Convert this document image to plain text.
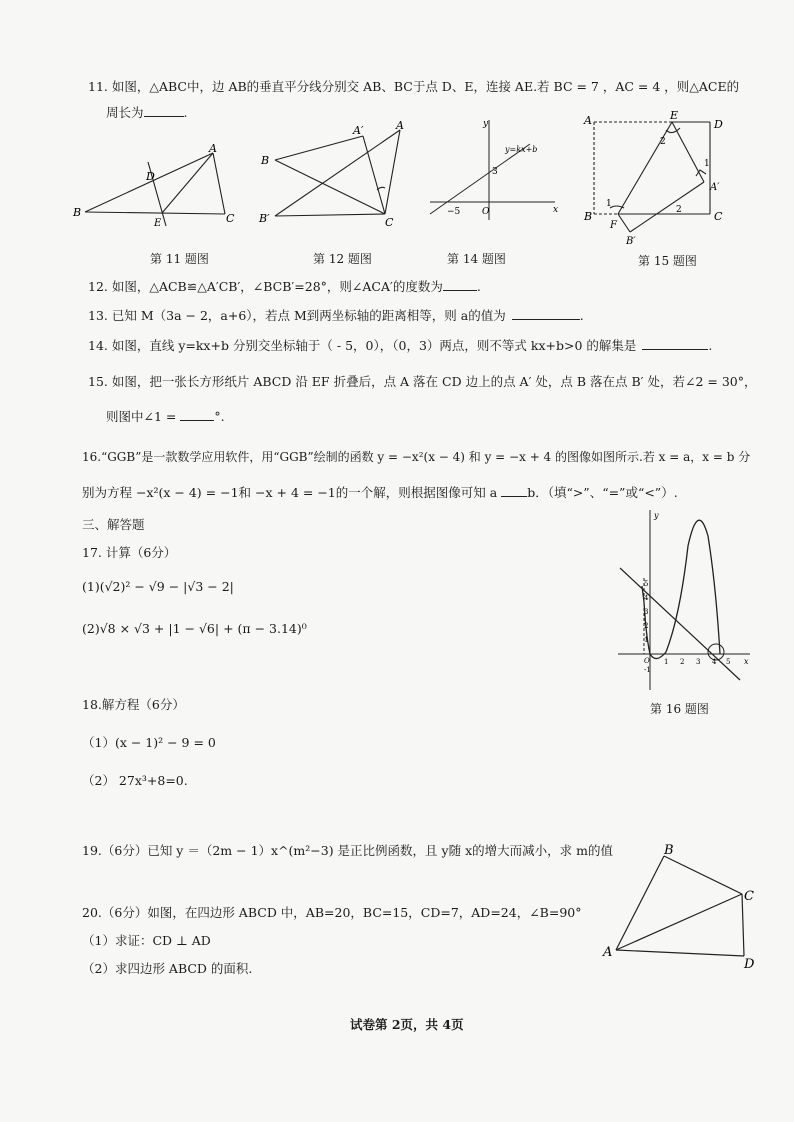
11. 如图，△ABC中，边 AB的垂直平分线分别交 AB、BC于点 D、E，连接 AE.若 BC = 7 ，AC = 4 ，则△ACE的
周长为	.
A
B	C
D
E
A′	A
B
B′	C
y
x
y=kx+b
3
−5 O
A	E
D
A′
B
F
C
B′
1
2
1
2
第 11 题图	第 12 题图	第 14 题图	第 15 题图
12. 如图，△ACB≌△A′CB′，∠BCB′=28°，则∠ACA′的度数为	.
13. 已知 M（3a − 2，a+6），若点 M到两坐标轴的距离相等，则 a的值为	.
14. 如图，直线 y=kx+b 分别交坐标轴于（ - 5，0），（0，3）两点，则不等式 kx+b>0 的解集是	.
15. 如图，把一张长方形纸片 ABCD 沿 EF 折叠后，点 A 落在 CD 边上的点 A′ 处，点 B 落在点 B′ 处，若∠2 = 30°，
则图中∠1 =	°.
16.“GGB”是一款数学应用软件，用“GGB”绘制的函数 y = −x²(x − 4) 和 y = −x + 4 的图像如图所示.若 x = a，x = b 分
别为方程 −x²(x − 4) = −1和 −x + 4 = −1的一个解，则根据图像可知 a b．（填“>”、“=”或“<”）.
三、解答题
17. 计算（6分）
(1)(√2)² − √9 − |√3 − 2|
(2)√8 × √3 + |1 − √6| + (π − 3.14)⁰
y
x
5
4
3
2
1
O
-1
1 2 3 4 5
第 16 题图
18.解方程（6分）
（1）(x − 1)² − 9 = 0
（2） 27x³+8=0.
19.（6分）已知 y ＝（2m − 1）x^(m²−3) 是正比例函数，且 y随 x的增大而减小，求 m的值
20.（6分）如图，在四边形 ABCD 中，AB=20，BC=15，CD=7，AD=24，∠B=90°
（1）求证：CD ⊥ AD
（2）求四边形 ABCD 的面积.
A
B
C
D
试卷第 2页，共 4页
